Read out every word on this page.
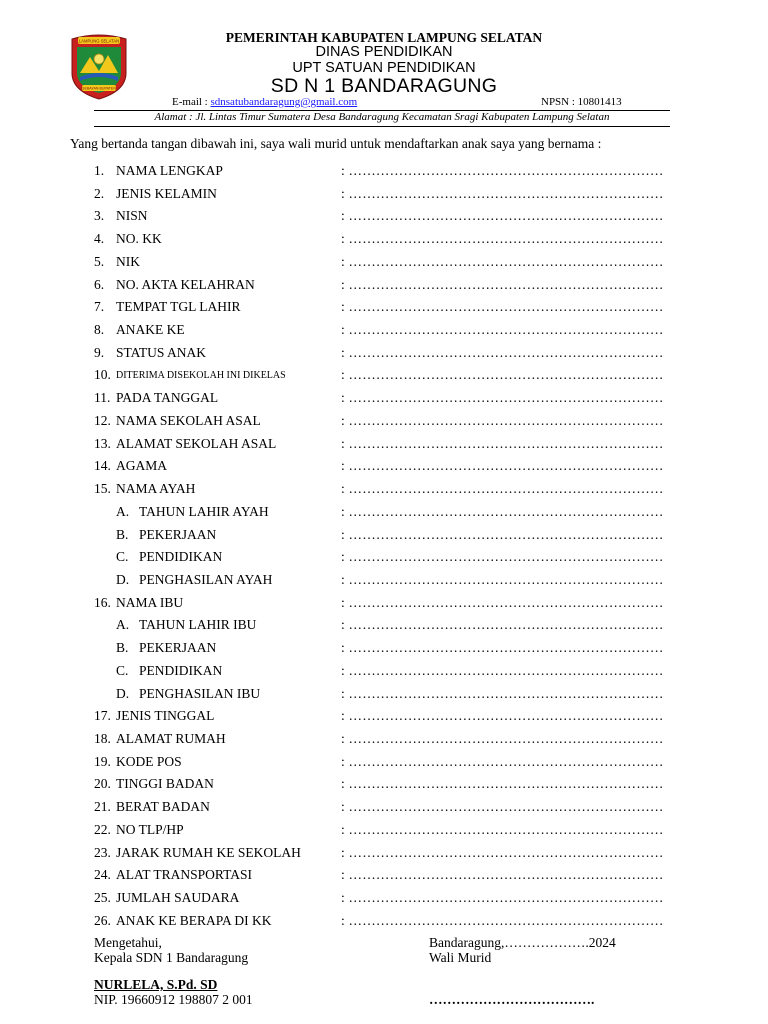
LAMPUNG SELATAN
SEBAYAN BUPATEN
PEMERINTAH KABUPATEN LAMPUNG SELATAN
DINAS PENDIDIKAN
UPT SATUAN PENDIDIKAN
SD N 1 BANDARAGUNG
E-mail : sdnsatubandaragung@gmail.com	NPSN : 10801413
Alamat : Jl. Lintas Timur Sumatera Desa Bandaragung Kecamatan Sragi Kabupaten Lampung Selatan
Yang bertanda tangan dibawah ini, saya wali murid untuk mendaftarkan anak saya yang bernama :
1. NAMA LENGKAP	: ……………………………………………………………
2. JENIS KELAMIN	: ……………………………………………………………
3. NISN	: ……………………………………………………………
4. NO. KK	: ……………………………………………………………
5. NIK	: ……………………………………………………………
6. NO. AKTA KELAHRAN	: ……………………………………………………………
7. TEMPAT TGL LAHIR	: ……………………………………………………………
8. ANAKE KE	: ……………………………………………………………
9. STATUS ANAK	: ……………………………………………………………
10. DITERIMA DISEKOLAH INI DIKELAS	: ……………………………………………………………
11. PADA TANGGAL	: ……………………………………………………………
12. NAMA SEKOLAH ASAL	: ……………………………………………………………
13. ALAMAT SEKOLAH ASAL	: ……………………………………………………………
14. AGAMA	: ……………………………………………………………
15. NAMA AYAH	: ……………………………………………………………
A. TAHUN LAHIR AYAH	: ……………………………………………………………
B. PEKERJAAN	: ……………………………………………………………
C. PENDIDIKAN	: ……………………………………………………………
D. PENGHASILAN AYAH	: ……………………………………………………………
16. NAMA IBU	: ……………………………………………………………
A. TAHUN LAHIR IBU	: ……………………………………………………………
B. PEKERJAAN	: ……………………………………………………………
C. PENDIDIKAN	: ……………………………………………………………
D. PENGHASILAN IBU	: ……………………………………………………………
17. JENIS TINGGAL	: ……………………………………………………………
18. ALAMAT RUMAH	: ……………………………………………………………
19. KODE POS	: ……………………………………………………………
20. TINGGI BADAN	: ……………………………………………………………
21. BERAT BADAN	: ……………………………………………………………
22. NO TLP/HP	: ……………………………………………………………
23. JARAK RUMAH KE SEKOLAH	: ……………………………………………………………
24. ALAT TRANSPORTASI	: ……………………………………………………………
25. JUMLAH SAUDARA	: ……………………………………………………………
26. ANAK KE BERAPA DI KK	: ……………………………………………………………
Mengetahui,
Kepala SDN 1 Bandaragung
NURLELA, S.Pd. SD
NIP. 19660912 198807 2 001
Bandaragung,……………….2024
Wali Murid
……………………………….
